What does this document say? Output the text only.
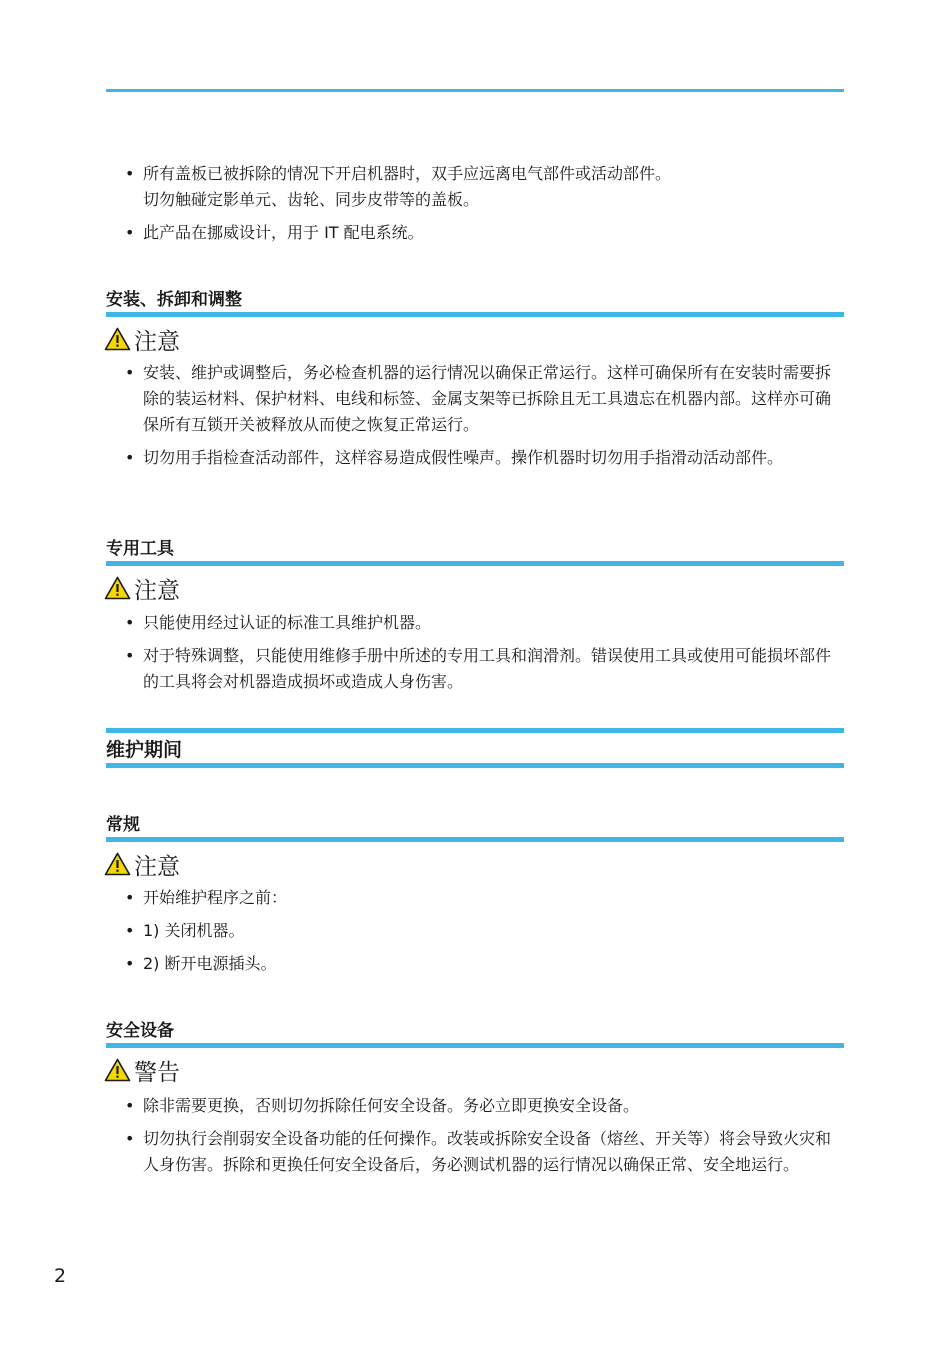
• 所有盖板已被拆除的情况下开启机器时，双手应远离电气部件或活动部件。
切勿触碰定影单元、齿轮、同步皮带等的盖板。
• 此产品在挪威设计，用于 IT 配电系统。
安装、拆卸和调整
注意
• 安装、维护或调整后，务必检查机器的运行情况以确保正常运行。这样可确保所有在安装时需要拆除的装运材料、保护材料、电线和标签、金属支架等已拆除且无工具遗忘在机器内部。这样亦可确保所有互锁开关被释放从而使之恢复正常运行。
• 切勿用手指检查活动部件，这样容易造成假性噪声。操作机器时切勿用手指滑动活动部件。
专用工具
注意
• 只能使用经过认证的标准工具维护机器。
• 对于特殊调整，只能使用维修手册中所述的专用工具和润滑剂。错误使用工具或使用可能损坏部件的工具将会对机器造成损坏或造成人身伤害。
维护期间
常规
注意
• 开始维护程序之前：
• 1) 关闭机器。
• 2) 断开电源插头。
安全设备
警告
• 除非需要更换，否则切勿拆除任何安全设备。务必立即更换安全设备。
• 切勿执行会削弱安全设备功能的任何操作。改装或拆除安全设备（熔丝、开关等）将会导致火灾和人身伤害。拆除和更换任何安全设备后，务必测试机器的运行情况以确保正常、安全地运行。
2
